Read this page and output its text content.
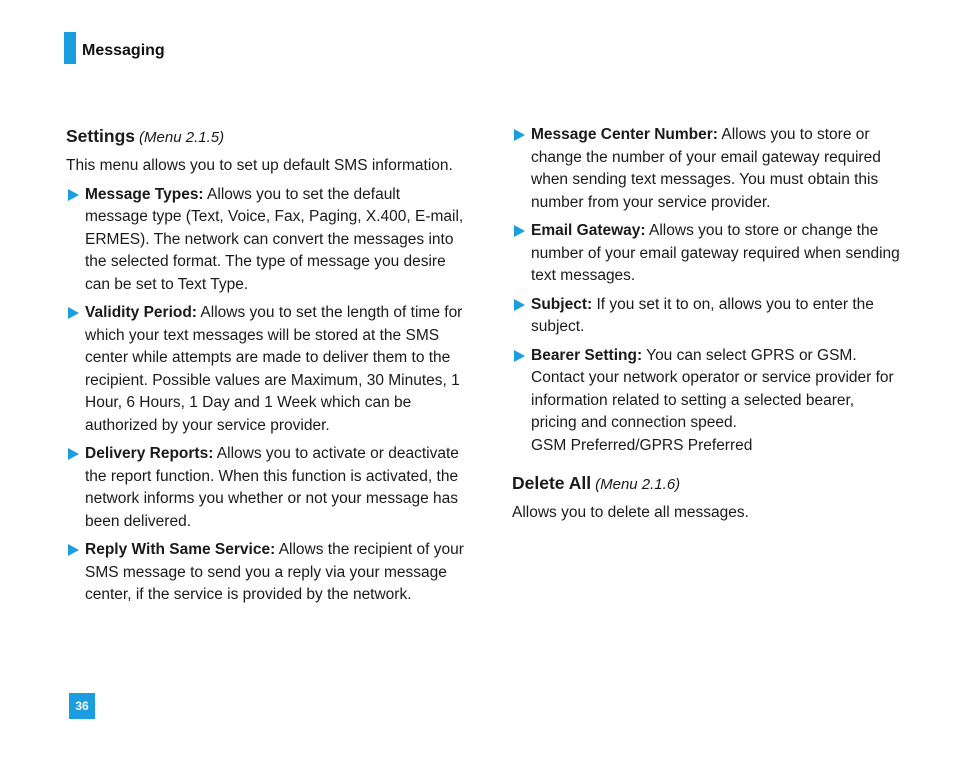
Messaging
Settings (Menu 2.1.5)

This menu allows you to set up default SMS information.

Message Types: Allows you to set the default message type (Text, Voice, Fax, Paging, X.400, E-mail, ERMES). The network can convert the messages into the selected format. The type of message you desire can be set to Text Type.
Validity Period: Allows you to set the length of time for which your text messages will be stored at the SMS center while attempts are made to deliver them to the recipient. Possible values are Maximum, 30 Minutes, 1 Hour, 6 Hours, 1 Day and 1 Week which can be authorized by your service provider.
Delivery Reports: Allows you to activate or deactivate the report function. When this function is activated, the network informs you whether or not your message has been delivered.
Reply With Same Service: Allows the recipient of your SMS message to send you a reply via your message center, if the service is provided by the network.
Message Center Number: Allows you to store or change the number of your email gateway required when sending text messages. You must obtain this number from your service provider.
Email Gateway: Allows you to store or change the number of your email gateway required when sending text messages.
Subject: If you set it to on, allows you to enter the subject.
Bearer Setting: You can select GPRS or GSM. Contact your network operator or service provider for information related to setting a selected bearer, pricing and connection speed.
GSM Preferred/GPRS Preferred
Delete All (Menu 2.1.6)

Allows you to delete all messages.

36
